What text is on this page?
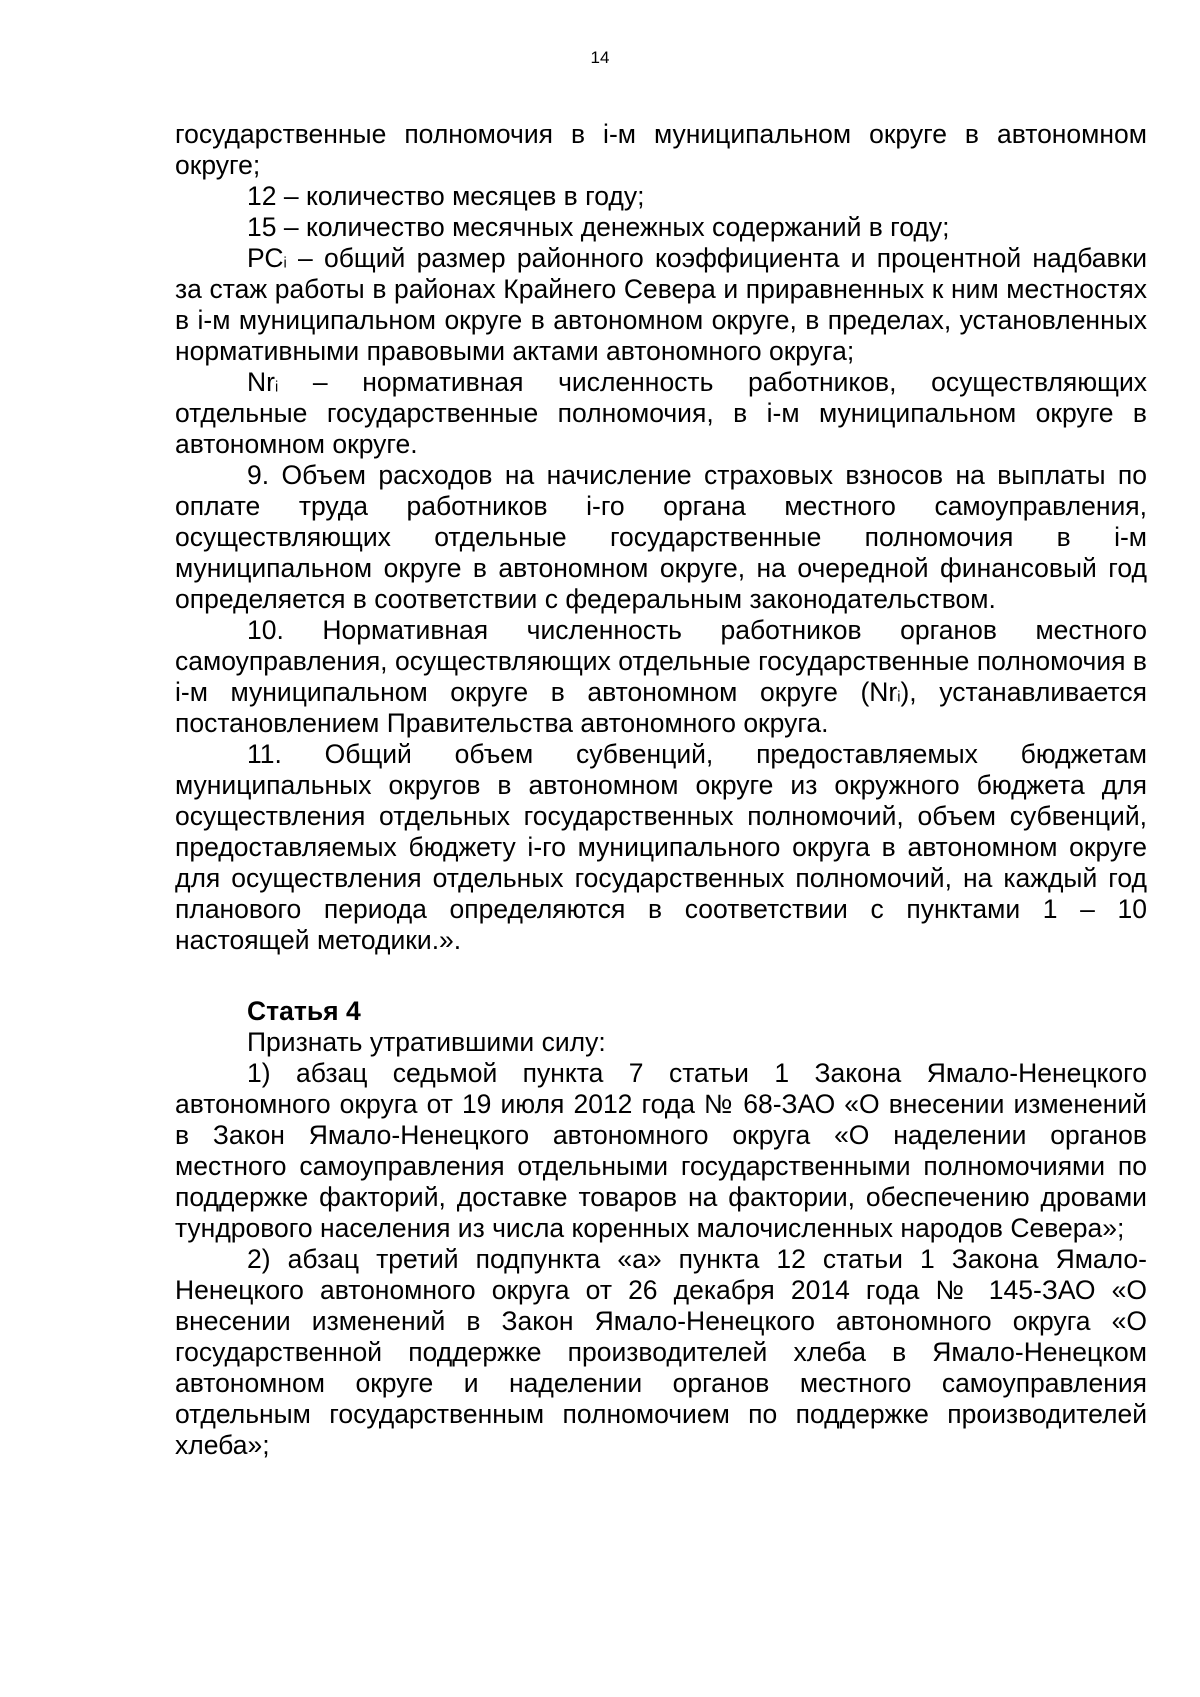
14

государственные полномочия в i-м муниципальном округе в автономном округе;

12 – количество месяцев в году;

15 – количество месячных денежных содержаний в году;

$РС_i$ – общий размер районного коэффициента и процентной надбавки за стаж работы в районах Крайнего Севера и приравненных к ним местностях в i-м муниципальном округе в автономном округе, в пределах, установленных нормативными правовыми актами автономного округа;

$Nr_i$ – нормативная численность работников, осуществляющих отдельные государственные полномочия, в i-м муниципальном округе в автономном округе.

9. Объем расходов на начисление страховых взносов на выплаты по оплате труда работников i-го органа местного самоуправления, осуществляющих отдельные государственные полномочия в i-м муниципальном округе в автономном округе, на очередной финансовый год определяется в соответствии с федеральным законодательством.

10. Нормативная численность работников органов местного самоуправления, осуществляющих отдельные государственные полномочия в i-м муниципальном округе в автономном округе $(Nr_i)$, устанавливается постановлением Правительства автономного округа.

11. Общий объем субвенций, предоставляемых бюджетам муниципальных округов в автономном округе из окружного бюджета для осуществления отдельных государственных полномочий, объем субвенций, предоставляемых бюджету i-го муниципального округа в автономном округе для осуществления отдельных государственных полномочий, на каждый год планового периода определяются в соответствии с пунктами 1 – 10 настоящей методики.».

Статья 4

Признать утратившими силу:

1) абзац седьмой пункта 7 статьи 1 Закона Ямало-Ненецкого автономного округа от 19 июля 2012 года № 68-ЗАО «О внесении изменений в Закон Ямало-Ненецкого автономного округа «О наделении органов местного самоуправления отдельными государственными полномочиями по поддержке факторий, доставке товаров на фактории, обеспечению дровами тундрового населения из числа коренных малочисленных народов Севера»;

2) абзац третий подпункта «а» пункта 12 статьи 1 Закона Ямало-Ненецкого автономного округа от 26 декабря 2014 года № 145-ЗАО «О внесении изменений в Закон Ямало-Ненецкого автономного округа «О государственной поддержке производителей хлеба в Ямало-Ненецком автономном округе и наделении органов местного самоуправления отдельным государственным полномочием по поддержке производителей хлеба»;
